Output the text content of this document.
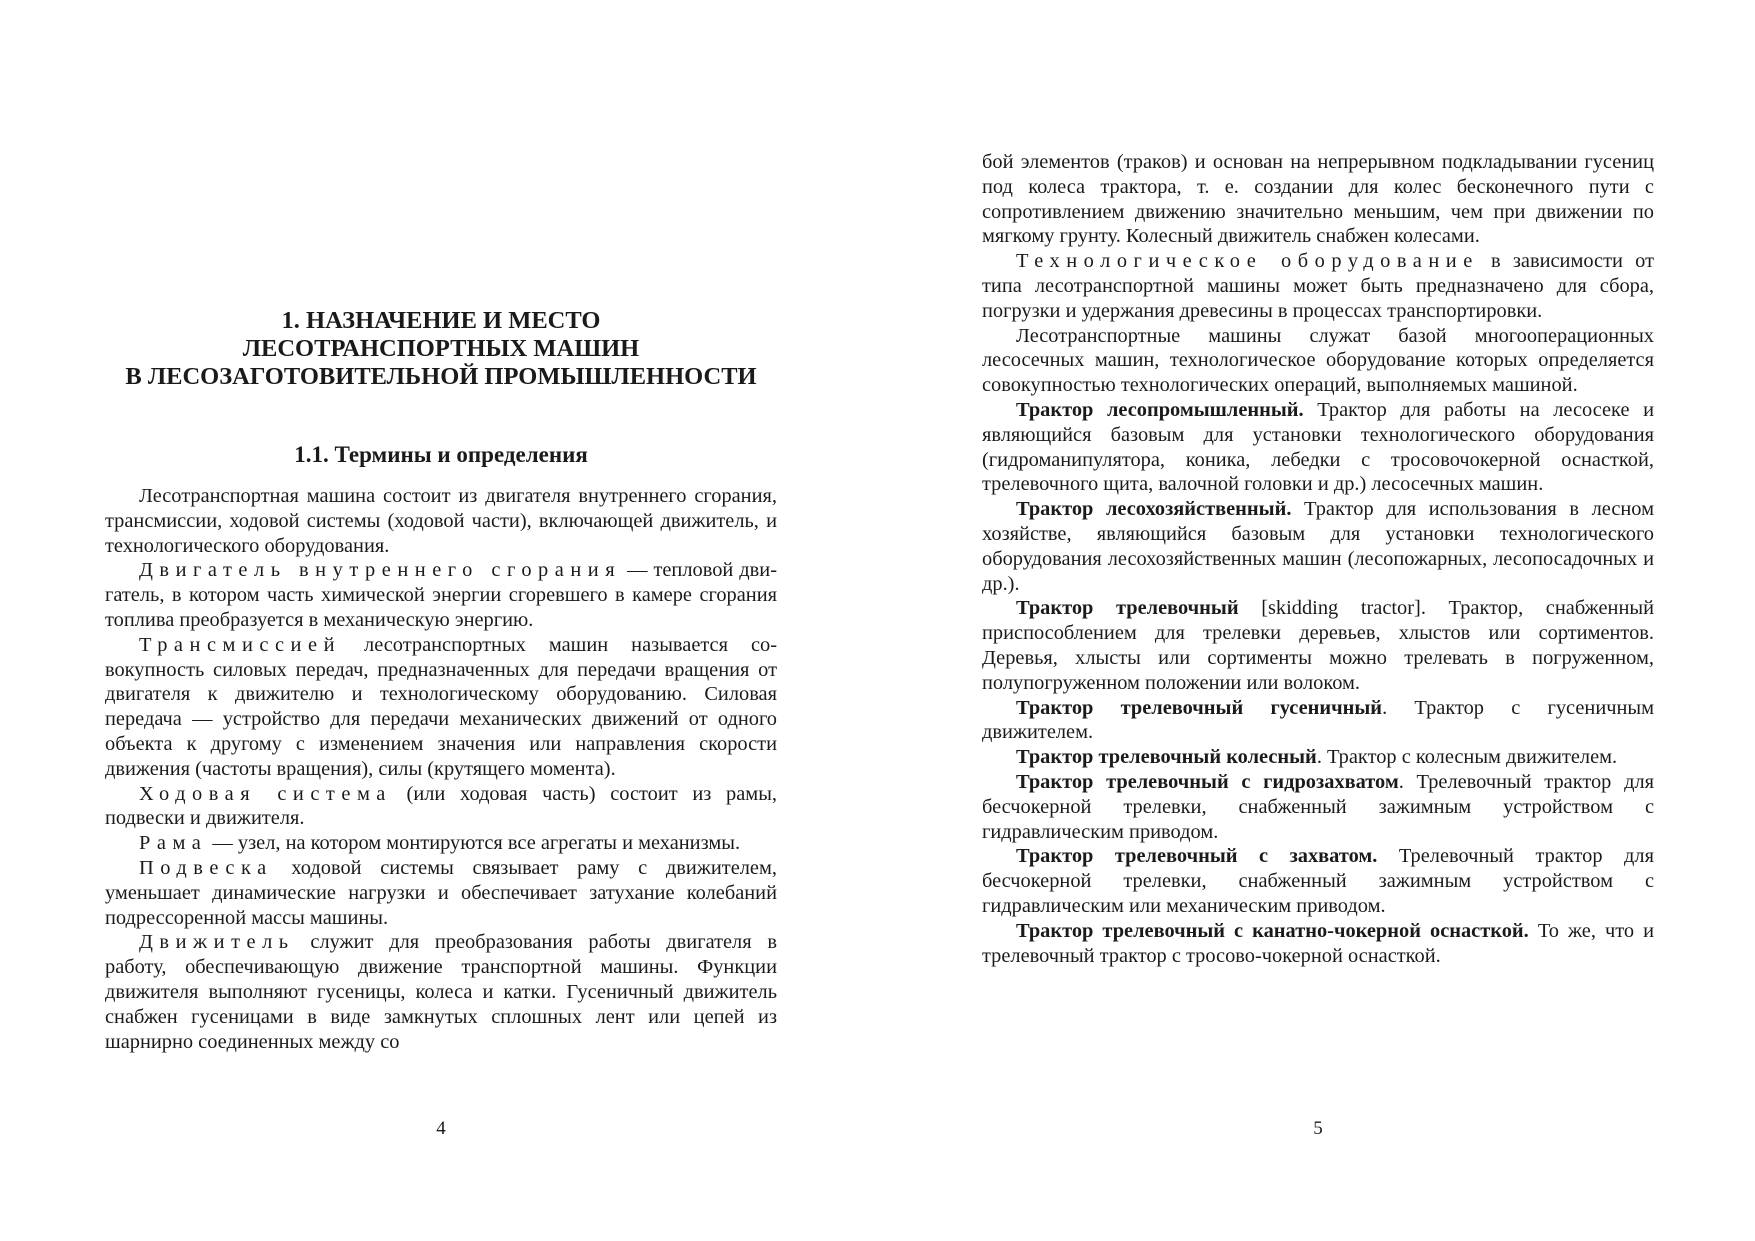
1. НАЗНАЧЕНИЕ И МЕСТО
ЛЕСОТРАНСПОРТНЫХ МАШИН
В ЛЕСОЗАГОТОВИТЕЛЬНОЙ ПРОМЫШЛЕННОСТИ
1.1. Термины и определения

Лесотранспортная машина состоит из двигателя внутреннего сгорания, трансмиссии, ходовой системы (ходовой части), включающей движитель, и технологического оборудования.

Двигатель внутреннего сгорания — тепловой двигатель, в котором часть химической энергии сгоревшего в камере сгорания топлива преобразуется в механическую энергию.

Трансмиссией лесотранспортных машин называется совокупность силовых передач, предназначенных для передачи вращения от двигателя к движителю и технологическому оборудованию. Силовая передача — устройство для передачи механических движений от одного объекта к другому с изменением значения или направления скорости движения (частоты вращения), силы (крутящего момента).

Ходовая система (или ходовая часть) состоит из рамы, подвески и движителя.

Рама — узел, на котором монтируются все агрегаты и механизмы.

Подвеска ходовой системы связывает раму с движителем, уменьшает динамические нагрузки и обеспечивает затухание колебаний подрессоренной массы машины.

Движитель служит для преобразования работы двигателя в работу, обеспечивающую движение транспортной машины. Функции движителя выполняют гусеницы, колеса и катки. Гусеничный движитель снабжен гусеницами в виде замкнутых сплошных лент или цепей из шарнирно соединенных между со

4

бой элементов (траков) и основан на непрерывном подкладывании гусениц под колеса трактора, т. е. создании для колес бесконечного пути с сопротивлением движению значительно меньшим, чем при движении по мягкому грунту. Колесный движитель снабжен колесами.

Технологическое оборудование в зависимости от типа лесотранспортной машины может быть предназначено для сбора, погрузки и удержания древесины в процессах транспортировки.

Лесотранспортные машины служат базой многооперационных лесосечных машин, технологическое оборудование которых определяется совокупностью технологических операций, выполняемых машиной.

Трактор лесопромышленный. Трактор для работы на лесосеке и являющийся базовым для установки технологического оборудования (гидроманипулятора, коника, лебедки с тросовочокерной оснасткой, трелевочного щита, валочной головки и др.) лесосечных машин.

Трактор лесохозяйственный. Трактор для использования в лесном хозяйстве, являющийся базовым для установки технологического оборудования лесохозяйственных машин (лесопожарных, лесопосадочных и др.).

Трактор трелевочный [skidding tractor]. Трактор, снабженный приспособлением для трелевки деревьев, хлыстов или сортиментов. Деревья, хлысты или сортименты можно трелевать в погруженном, полупогруженном положении или волоком.

Трактор трелевочный гусеничный. Трактор с гусеничным движителем.

Трактор трелевочный колесный. Трактор с колесным движителем.

Трактор трелевочный с гидрозахватом. Трелевочный трактор для бесчокерной трелевки, снабженный зажимным устройством с гидравлическим приводом.

Трактор трелевочный с захватом. Трелевочный трактор для бесчокерной трелевки, снабженный зажимным устройством с гидравлическим или механическим приводом.

Трактор трелевочный с канатно-чокерной оснасткой. То же, что и трелевочный трактор с тросово-чокерной оснасткой.

5
